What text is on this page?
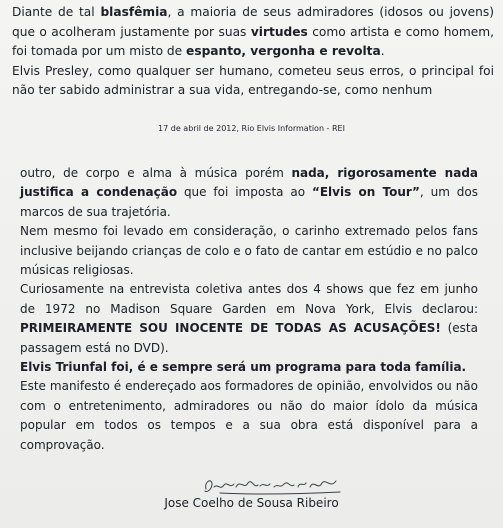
Diante de tal blasfêmia, a maioria de seus admiradores (idosos ou jovens) que o acolheram justamente por suas virtudes como artista e como homem, foi tomada por um misto de espanto, vergonha e revolta.
Elvis Presley, como qualquer ser humano, cometeu seus erros, o principal foi não ter sabido administrar a sua vida, entregando-se, como nenhum

17 de abril de 2012, Rio Elvis Information - REI

outro, de corpo e alma à música porém nada, rigorosamente nada justifica a condenação que foi imposta ao “Elvis on Tour”, um dos marcos de sua trajetória.
Nem mesmo foi levado em consideração, o carinho extremado pelos fans inclusive beijando crianças de colo e o fato de cantar em estúdio e no palco músicas religiosas.
Curiosamente na entrevista coletiva antes dos 4 shows que fez em junho de 1972 no Madison Square Garden em Nova York, Elvis declarou: PRIMEIRAMENTE SOU INOCENTE DE TODAS AS ACUSAÇÕES! (esta passagem está no DVD).
Elvis Triunfal foi, é e sempre será um programa para toda família.
Este manifesto é endereçado aos formadores de opinião, envolvidos ou não com o entretenimento, admiradores ou não do maior ídolo da música popular em todos os tempos e a sua obra está disponível para a comprovação.

Jose Coelho de Sousa Ribeiro
